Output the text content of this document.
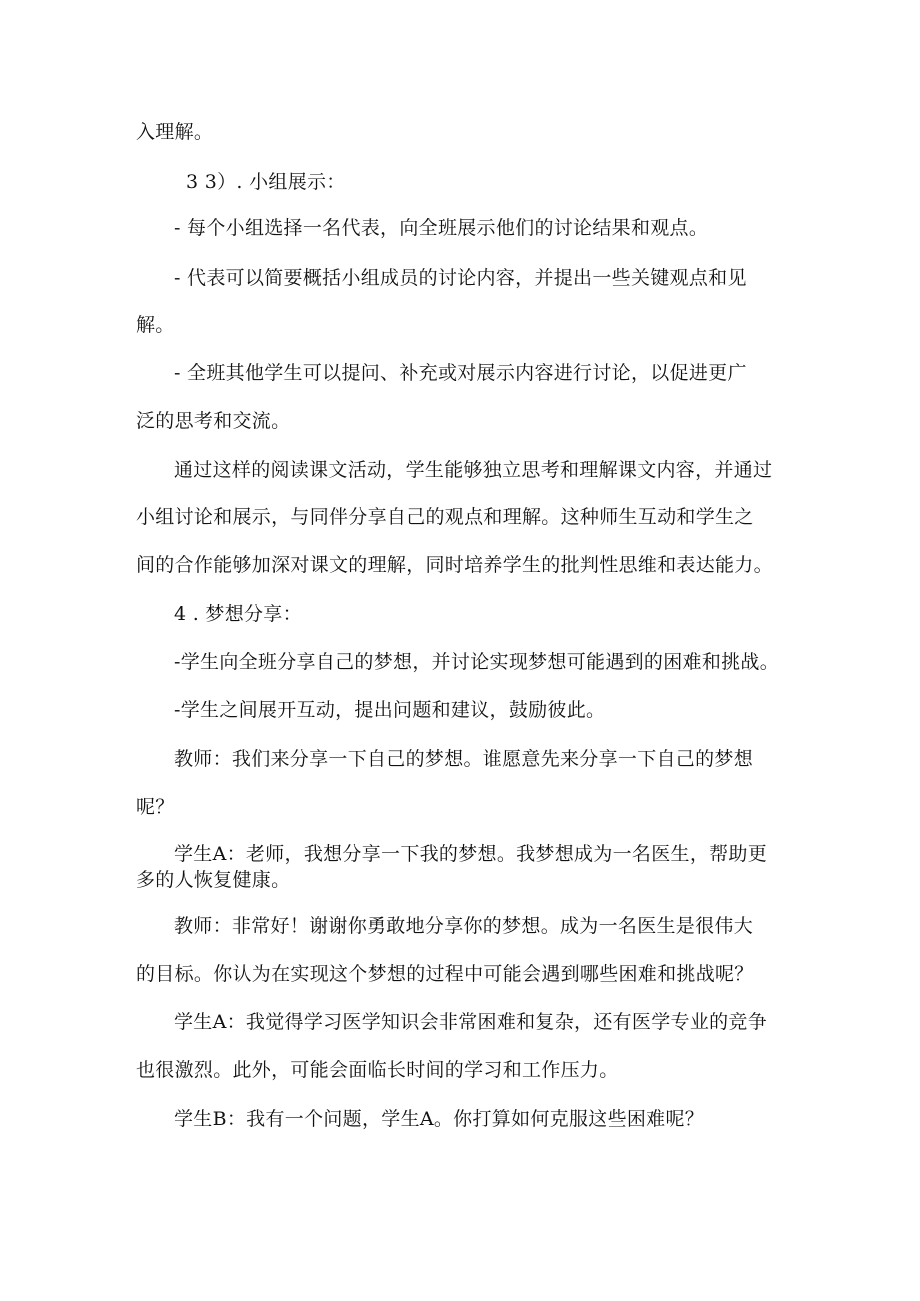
入理解。
3 3）. 小组展示：
- 每个小组选择一名代表，向全班展示他们的讨论结果和观点。
- 代表可以简要概括小组成员的讨论内容，并提出一些关键观点和见
解。
- 全班其他学生可以提问、补充或对展示内容进行讨论，以促进更广
泛的思考和交流。
通过这样的阅读课文活动，学生能够独立思考和理解课文内容，并通过
小组讨论和展示，与同伴分享自己的观点和理解。这种师生互动和学生之
间的合作能够加深对课文的理解，同时培养学生的批判性思维和表达能力。
4 . 梦想分享：
-学生向全班分享自己的梦想，并讨论实现梦想可能遇到的困难和挑战。
-学生之间展开互动，提出问题和建议，鼓励彼此。
教师：我们来分享一下自己的梦想。谁愿意先来分享一下自己的梦想
呢？
学生A：老师，我想分享一下我的梦想。我梦想成为一名医生，帮助更
多的人恢复健康。
教师：非常好！谢谢你勇敢地分享你的梦想。成为一名医生是很伟大
的目标。你认为在实现这个梦想的过程中可能会遇到哪些困难和挑战呢？
学生A：我觉得学习医学知识会非常困难和复杂，还有医学专业的竞争
也很激烈。此外，可能会面临长时间的学习和工作压力。
学生B：我有一个问题，学生A。你打算如何克服这些困难呢？
